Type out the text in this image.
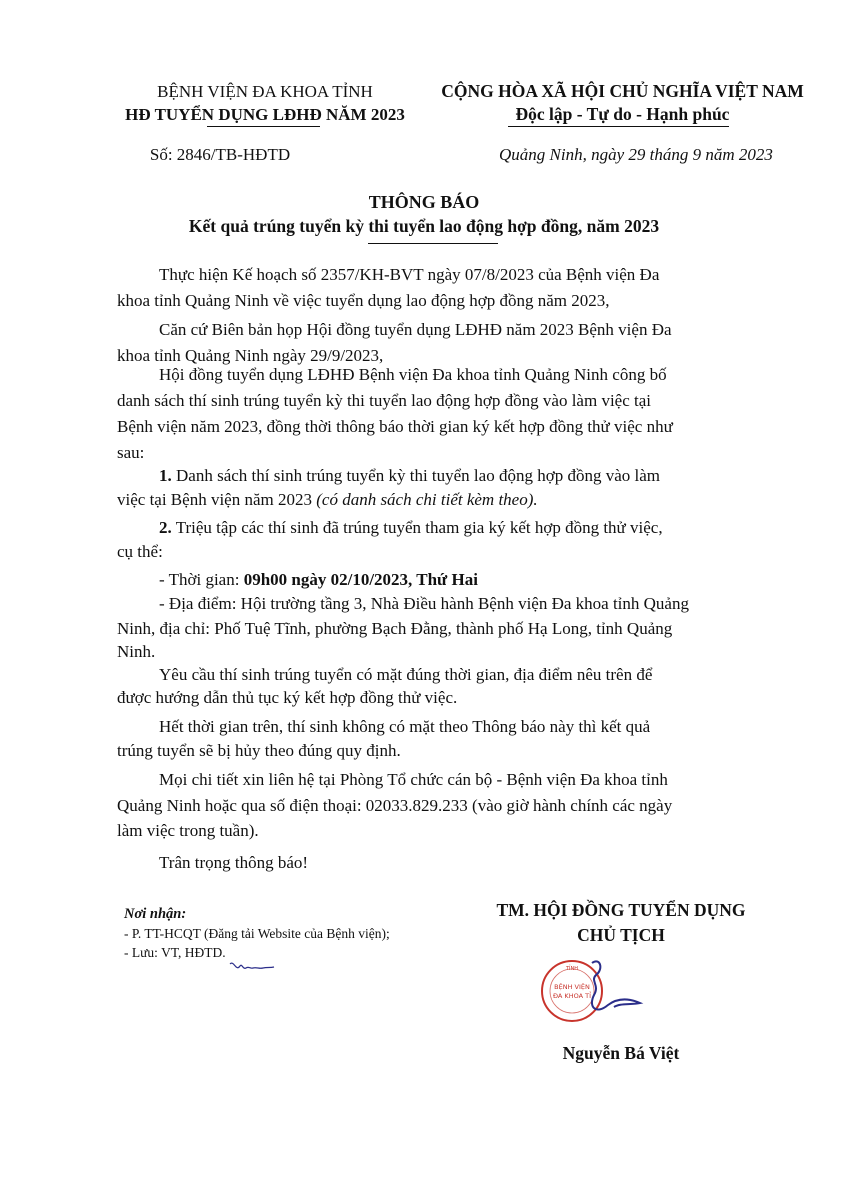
BỆNH VIỆN ĐA KHOA TỈNH
HĐ TUYỂN DỤNG LĐHĐ NĂM 2023
Số: 2846/TB-HĐTD
CỘNG HÒA XÃ HỘI CHỦ NGHĨA VIỆT NAM
Độc lập - Tự do - Hạnh phúc
Quảng Ninh, ngày 29 tháng 9 năm 2023
THÔNG BÁO
Kết quả trúng tuyển kỳ thi tuyển lao động hợp đồng, năm 2023
Thực hiện Kế hoạch số 2357/KH-BVT ngày 07/8/2023 của Bệnh viện Đa
khoa tỉnh Quảng Ninh về việc tuyển dụng lao động hợp đồng năm 2023,
Căn cứ Biên bản họp Hội đồng tuyển dụng LĐHĐ năm 2023 Bệnh viện Đa
khoa tỉnh Quảng Ninh ngày 29/9/2023,
Hội đồng tuyển dụng LĐHĐ Bệnh viện Đa khoa tỉnh Quảng Ninh công bố
danh sách thí sinh trúng tuyển kỳ thi tuyển lao động hợp đồng vào làm việc tại
Bệnh viện năm 2023, đồng thời thông báo thời gian ký kết hợp đồng thử việc như
sau:
1. Danh sách thí sinh trúng tuyển kỳ thi tuyển lao động hợp đồng vào làm
việc tại Bệnh viện năm 2023 (có danh sách chi tiết kèm theo).
2. Triệu tập các thí sinh đã trúng tuyển tham gia ký kết hợp đồng thử việc,
cụ thể:
- Thời gian: 09h00 ngày 02/10/2023, Thứ Hai
- Địa điểm: Hội trường tầng 3, Nhà Điều hành Bệnh viện Đa khoa tỉnh Quảng
Ninh, địa chỉ: Phố Tuệ Tĩnh, phường Bạch Đằng, thành phố Hạ Long, tỉnh Quảng
Ninh.
Yêu cầu thí sinh trúng tuyển có mặt đúng thời gian, địa điểm nêu trên để
được hướng dẫn thủ tục ký kết hợp đồng thử việc.
Hết thời gian trên, thí sinh không có mặt theo Thông báo này thì kết quả
trúng tuyển sẽ bị hủy theo đúng quy định.
Mọi chi tiết xin liên hệ tại Phòng Tổ chức cán bộ - Bệnh viện Đa khoa tỉnh
Quảng Ninh hoặc qua số điện thoại: 02033.829.233 (vào giờ hành chính các ngày
làm việc trong tuần).
Trân trọng thông báo!
Nơi nhận:
- P. TT-HCQT (Đăng tải Website của Bệnh viện);
- Lưu: VT, HĐTD.
TM. HỘI ĐỒNG TUYỂN DỤNG
CHỦ TỊCH
TỈNH
BỆNH VIỆN
ĐA KHOA TỈ
Nguyễn Bá Việt
